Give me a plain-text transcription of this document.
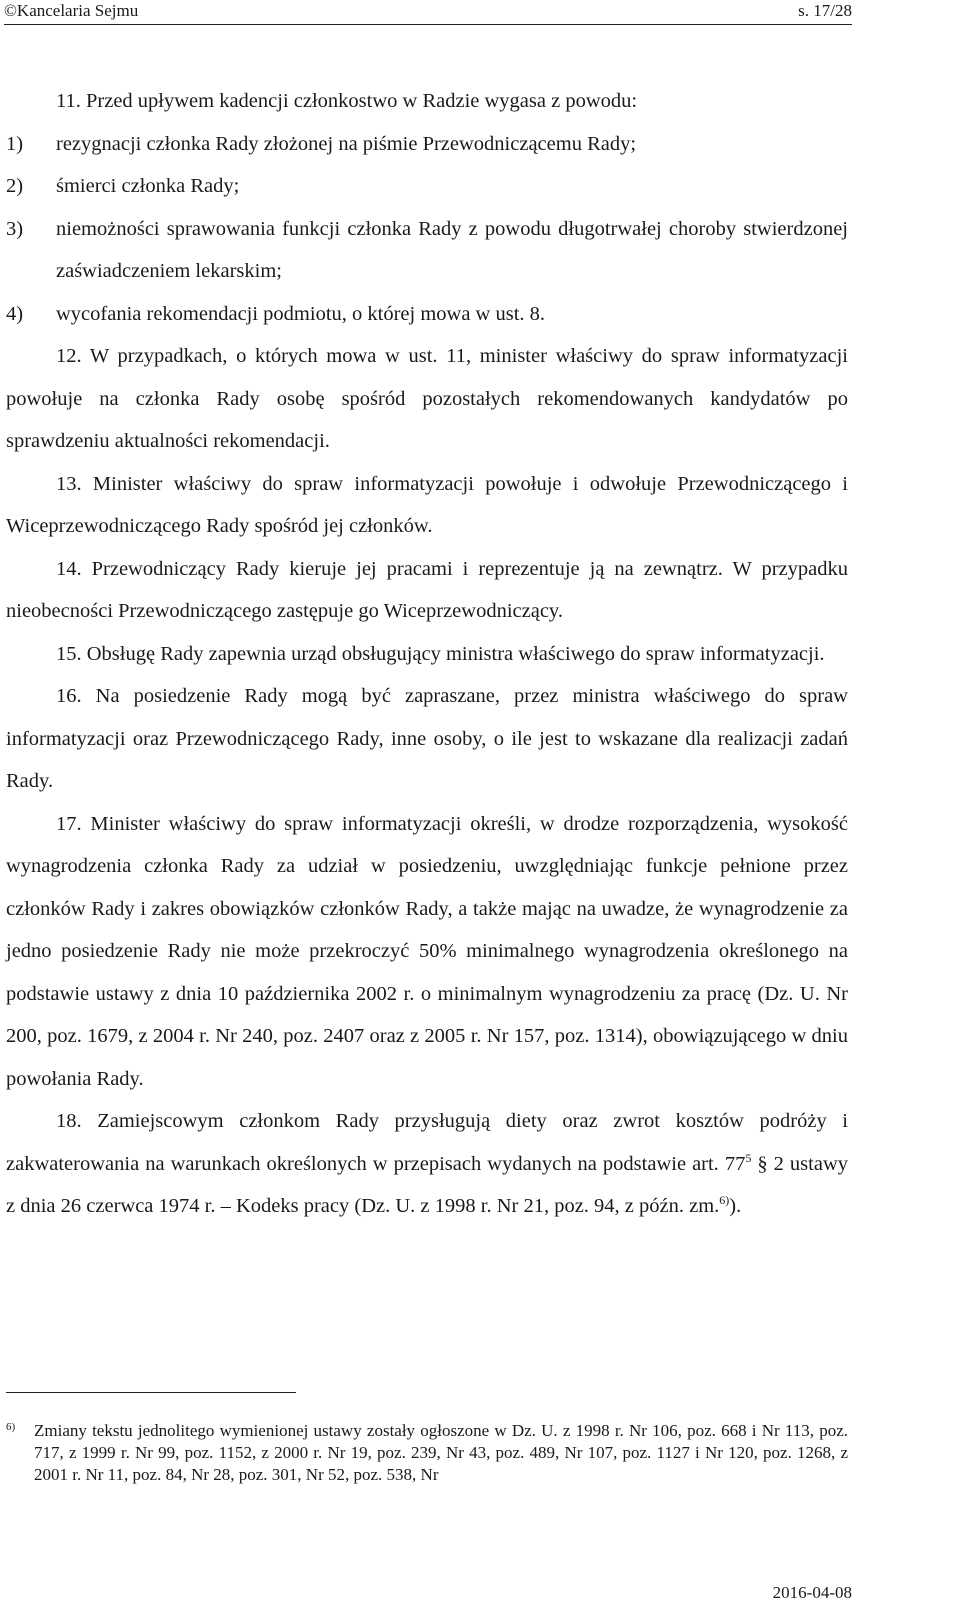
©Kancelaria Sejmu	s. 17/28
11. Przed upływem kadencji członkostwo w Radzie wygasa z powodu:
1)	rezygnacji członka Rady złożonej na piśmie Przewodniczącemu Rady;
2)	śmierci członka Rady;
3)	niemożności sprawowania funkcji członka Rady z powodu długotrwałej choroby stwierdzonej zaświadczeniem lekarskim;
4)	wycofania rekomendacji podmiotu, o której mowa w ust. 8.
12. W przypadkach, o których mowa w ust. 11, minister właściwy do spraw informatyzacji powołuje na członka Rady osobę spośród pozostałych rekomendowanych kandydatów po sprawdzeniu aktualności rekomendacji.
13. Minister właściwy do spraw informatyzacji powołuje i odwołuje Przewodniczącego i Wiceprzewodniczącego Rady spośród jej członków.
14. Przewodniczący Rady kieruje jej pracami i reprezentuje ją na zewnątrz. W przypadku nieobecności Przewodniczącego zastępuje go Wiceprzewodniczący.
15. Obsługę Rady zapewnia urząd obsługujący ministra właściwego do spraw informatyzacji.
16. Na posiedzenie Rady mogą być zapraszane, przez ministra właściwego do spraw informatyzacji oraz Przewodniczącego Rady, inne osoby, o ile jest to wskazane dla realizacji zadań Rady.
17. Minister właściwy do spraw informatyzacji określi, w drodze rozporządzenia, wysokość wynagrodzenia członka Rady za udział w posiedzeniu, uwzględniając funkcje pełnione przez członków Rady i zakres obowiązków członków Rady, a także mając na uwadze, że wynagrodzenie za jedno posiedzenie Rady nie może przekroczyć 50% minimalnego wynagrodzenia określonego na podstawie ustawy z dnia 10 października 2002 r. o minimalnym wynagrodzeniu za pracę (Dz. U. Nr 200, poz. 1679, z 2004 r. Nr 240, poz. 2407 oraz z 2005 r. Nr 157, poz. 1314), obowiązującego w dniu powołania Rady.
18. Zamiejscowym członkom Rady przysługują diety oraz zwrot kosztów podróży i zakwaterowania na warunkach określonych w przepisach wydanych na podstawie art. $77^5$ § 2 ustawy z dnia 26 czerwca 1974 r. – Kodeks pracy (Dz. U. z 1998 r. Nr 21, poz. 94, z późn. zm.$^{6)}$).
6)	Zmiany tekstu jednolitego wymienionej ustawy zostały ogłoszone w Dz. U. z 1998 r. Nr 106, poz. 668 i Nr 113, poz. 717, z 1999 r. Nr 99, poz. 1152, z 2000 r. Nr 19, poz. 239, Nr 43, poz. 489, Nr 107, poz. 1127 i Nr 120, poz. 1268, z 2001 r. Nr 11, poz. 84, Nr 28, poz. 301, Nr 52, poz. 538, Nr
2016-04-08
